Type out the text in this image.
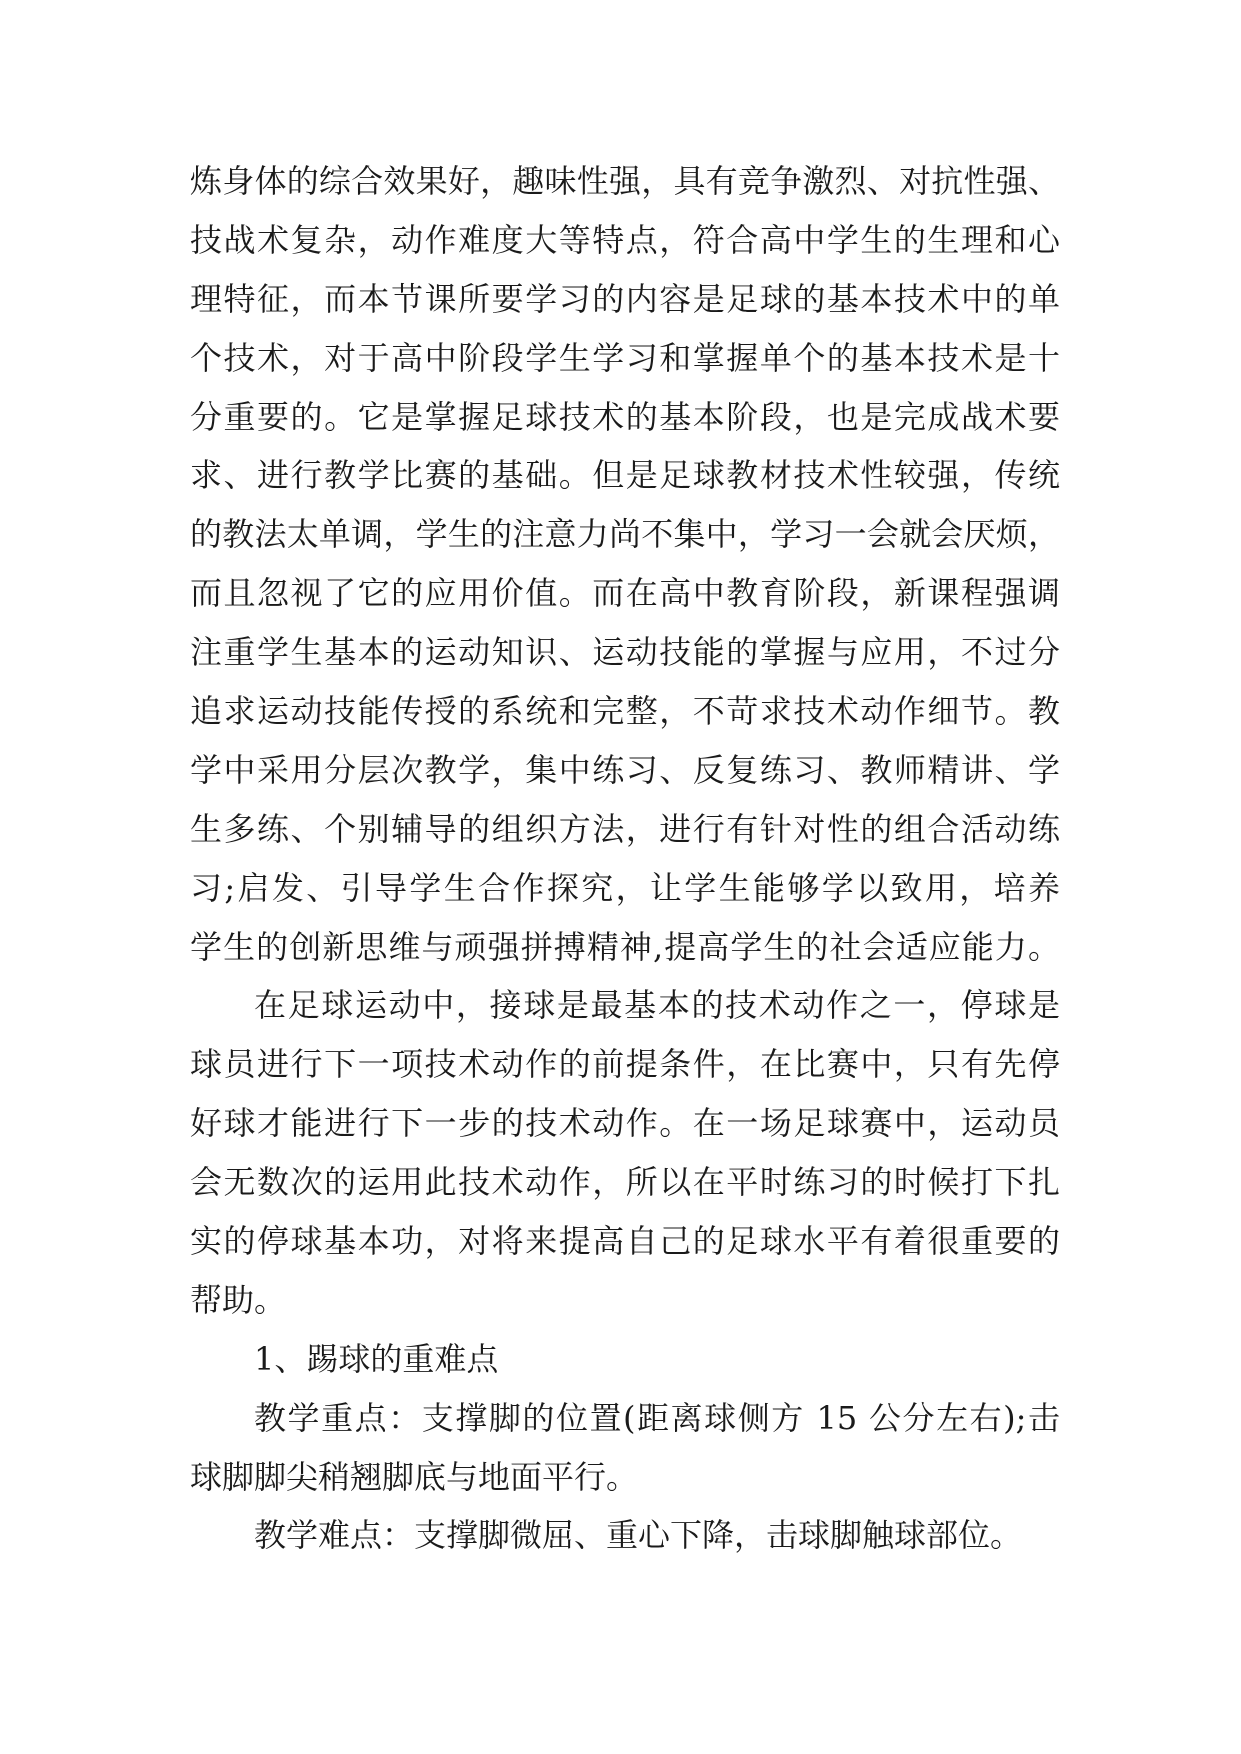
炼身体的综合效果好，趣味性强，具有竞争激烈、对抗性强、
技战术复杂，动作难度大等特点，符合高中学生的生理和心
理特征，而本节课所要学习的内容是足球的基本技术中的单
个技术，对于高中阶段学生学习和掌握单个的基本技术是十
分重要的。它是掌握足球技术的基本阶段，也是完成战术要
求、进行教学比赛的基础。但是足球教材技术性较强，传统
的教法太单调，学生的注意力尚不集中，学习一会就会厌烦，
而且忽视了它的应用价值。而在高中教育阶段，新课程强调
注重学生基本的运动知识、运动技能的掌握与应用，不过分
追求运动技能传授的系统和完整，不苛求技术动作细节。教
学中采用分层次教学，集中练习、反复练习、教师精讲、学
生多练、个别辅导的组织方法，进行有针对性的组合活动练
习;启发、引导学生合作探究，让学生能够学以致用，培养
学生的创新思维与顽强拼搏精神,提高学生的社会适应能力。
在足球运动中，接球是最基本的技术动作之一，停球是
球员进行下一项技术动作的前提条件，在比赛中，只有先停
好球才能进行下一步的技术动作。在一场足球赛中，运动员
会无数次的运用此技术动作，所以在平时练习的时候打下扎
实的停球基本功，对将来提高自己的足球水平有着很重要的
帮助。
1、踢球的重难点
教学重点：支撑脚的位置(距离球侧方 15 公分左右);击
球脚脚尖稍翘脚底与地面平行。
教学难点：支撑脚微屈、重心下降，击球脚触球部位。
